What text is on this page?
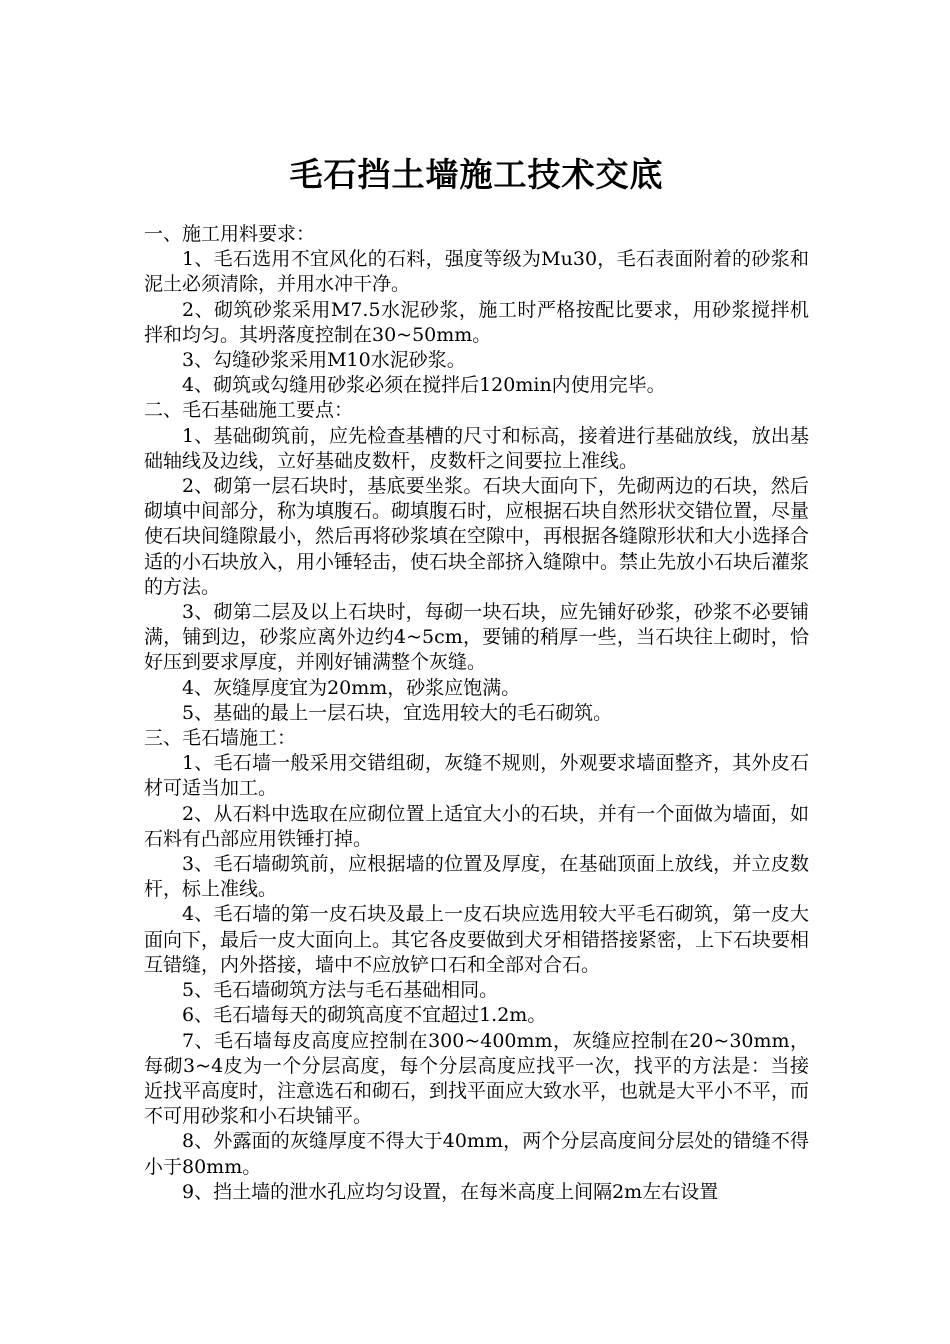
毛石挡土墙施工技术交底

一、施工用料要求：

1、毛石选用不宜风化的石料，强度等级为Mu30，毛石表面附着的砂浆和泥土必须清除，并用水冲干净。

2、砌筑砂浆采用M7.5水泥砂浆，施工时严格按配比要求，用砂浆搅拌机拌和均匀。其坍落度控制在30~50mm。

3、勾缝砂浆采用M10水泥砂浆。

4、砌筑或勾缝用砂浆必须在搅拌后120min内使用完毕。

二、毛石基础施工要点：

1、基础砌筑前，应先检查基槽的尺寸和标高，接着进行基础放线，放出基础轴线及边线，立好基础皮数杆，皮数杆之间要拉上准线。

2、砌第一层石块时，基底要坐浆。石块大面向下，先砌两边的石块，然后砌填中间部分，称为填腹石。砌填腹石时，应根据石块自然形状交错位置，尽量使石块间缝隙最小，然后再将砂浆填在空隙中，再根据各缝隙形状和大小选择合适的小石块放入，用小锤轻击，使石块全部挤入缝隙中。禁止先放小石块后灌浆的方法。

3、砌第二层及以上石块时，每砌一块石块，应先铺好砂浆，砂浆不必要铺满，铺到边，砂浆应离外边约4~5cm，要铺的稍厚一些，当石块往上砌时，恰好压到要求厚度，并刚好铺满整个灰缝。

4、灰缝厚度宜为20mm，砂浆应饱满。

5、基础的最上一层石块，宜选用较大的毛石砌筑。

三、毛石墙施工：

1、毛石墙一般采用交错组砌，灰缝不规则，外观要求墙面整齐，其外皮石材可适当加工。

2、从石料中选取在应砌位置上适宜大小的石块，并有一个面做为墙面，如石料有凸部应用铁锤打掉。

3、毛石墙砌筑前，应根据墙的位置及厚度，在基础顶面上放线，并立皮数杆，标上准线。

4、毛石墙的第一皮石块及最上一皮石块应选用较大平毛石砌筑，第一皮大面向下，最后一皮大面向上。其它各皮要做到犬牙相错搭接紧密，上下石块要相互错缝，内外搭接，墙中不应放铲口石和全部对合石。

5、毛石墙砌筑方法与毛石基础相同。

6、毛石墙每天的砌筑高度不宜超过1.2m。

7、毛石墙每皮高度应控制在300~400mm，灰缝应控制在20~30mm，每砌3~4皮为一个分层高度，每个分层高度应找平一次，找平的方法是：当接近找平高度时，注意选石和砌石，到找平面应大致水平，也就是大平小不平，而不可用砂浆和小石块铺平。

8、外露面的灰缝厚度不得大于40mm，两个分层高度间分层处的错缝不得小于80mm。

9、挡土墙的泄水孔应均匀设置，在每米高度上间隔2m左右设置
